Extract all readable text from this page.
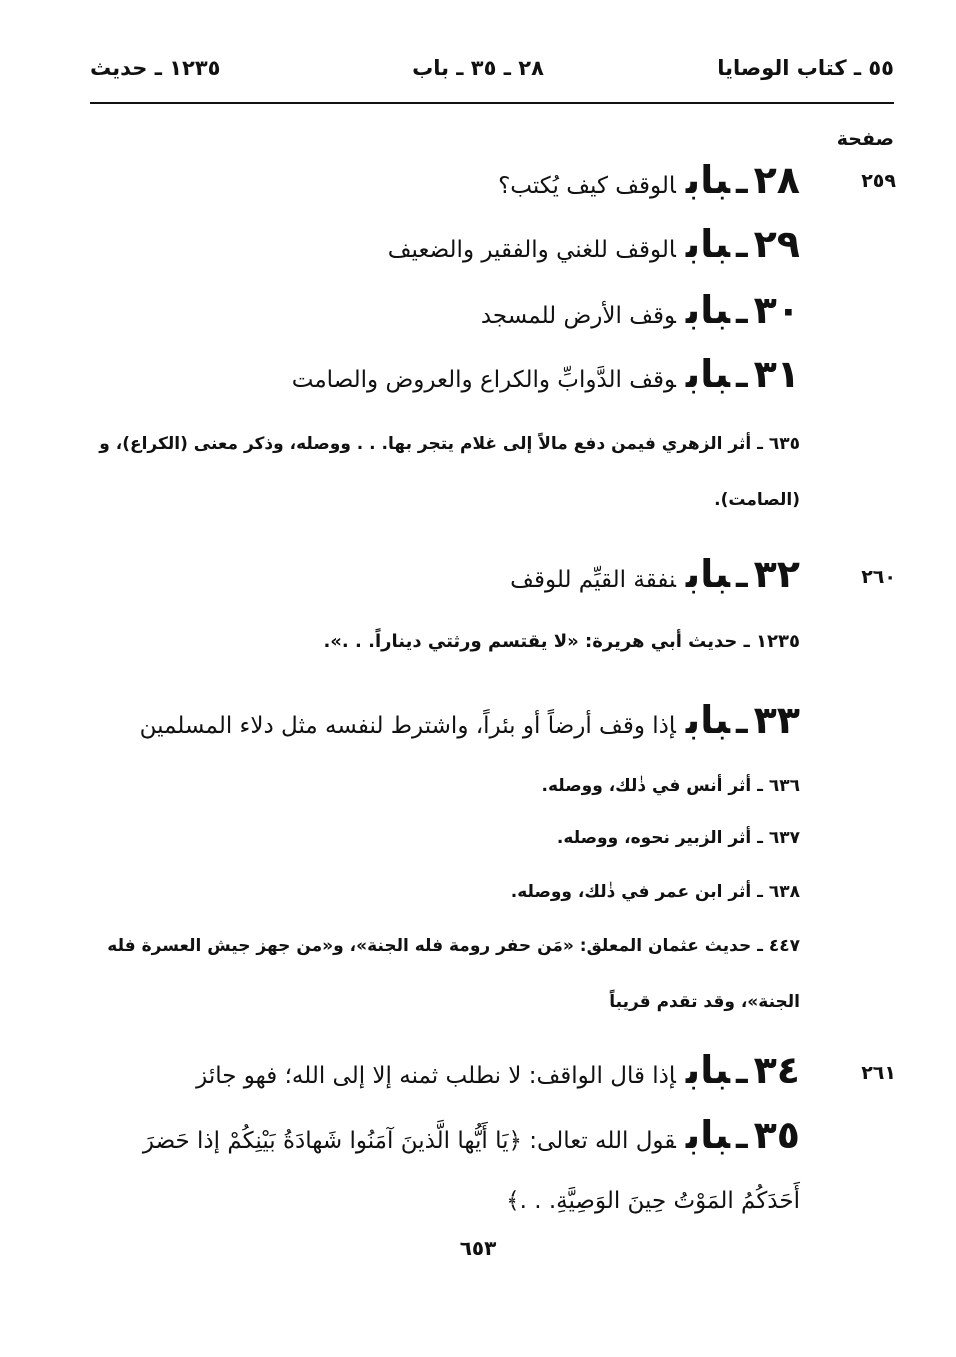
٥٥ ـ كتاب الوصايا
٢٨ ـ ٣٥ ـ باب
١٢٣٥ ـ حديث
صفحة
٢٥٩
٢٨ـبابالوقف كيف يُكتب؟
٢٩ـبابالوقف للغني والفقير والضعيف
٣٠ـبابوقف الأرض للمسجد
٣١ـبابوقف الدَّوابِّ والكراع والعروض والصامت
٦٣٥ ـ أثر الزهري فيمن دفع مالاً إلى غلام يتجر بها. . . ووصله، وذكر معنى (الكراع)، و (الصامت).
٢٦٠
٣٢ـبابنفقة القيِّم للوقف
١٢٣٥ ـ حديث أبي هريرة: «لا يقتسم ورثتي ديناراً. . .».
٣٣ـبابإذا وقف أرضاً أو بئراً، واشترط لنفسه مثل دلاء المسلمين
٦٣٦ ـ أثر أنس في ذٰلك، ووصله.
٦٣٧ ـ أثر الزبير نحوه، ووصله.
٦٣٨ ـ أثر ابن عمر في ذٰلك، ووصله.
٤٤٧ ـ حديث عثمان المعلق: «مَن حفر رومة فله الجنة»، و«من جهز جيش العسرة فله الجنة»، وقد تقدم قريباً
٢٦١
٣٤ـبابإذا قال الواقف: لا نطلب ثمنه إلا إلى الله؛ فهو جائز
٣٥ـبابقول الله تعالى: ﴿يَا أَيُّها الَّذينَ آمَنُوا شَهادَةُ بَيْنِكُمْ إذا حَضرَ أَحَدَكُمُ المَوْتُ حِينَ الوَصِيَّةِ. . .﴾
٦٥٣
